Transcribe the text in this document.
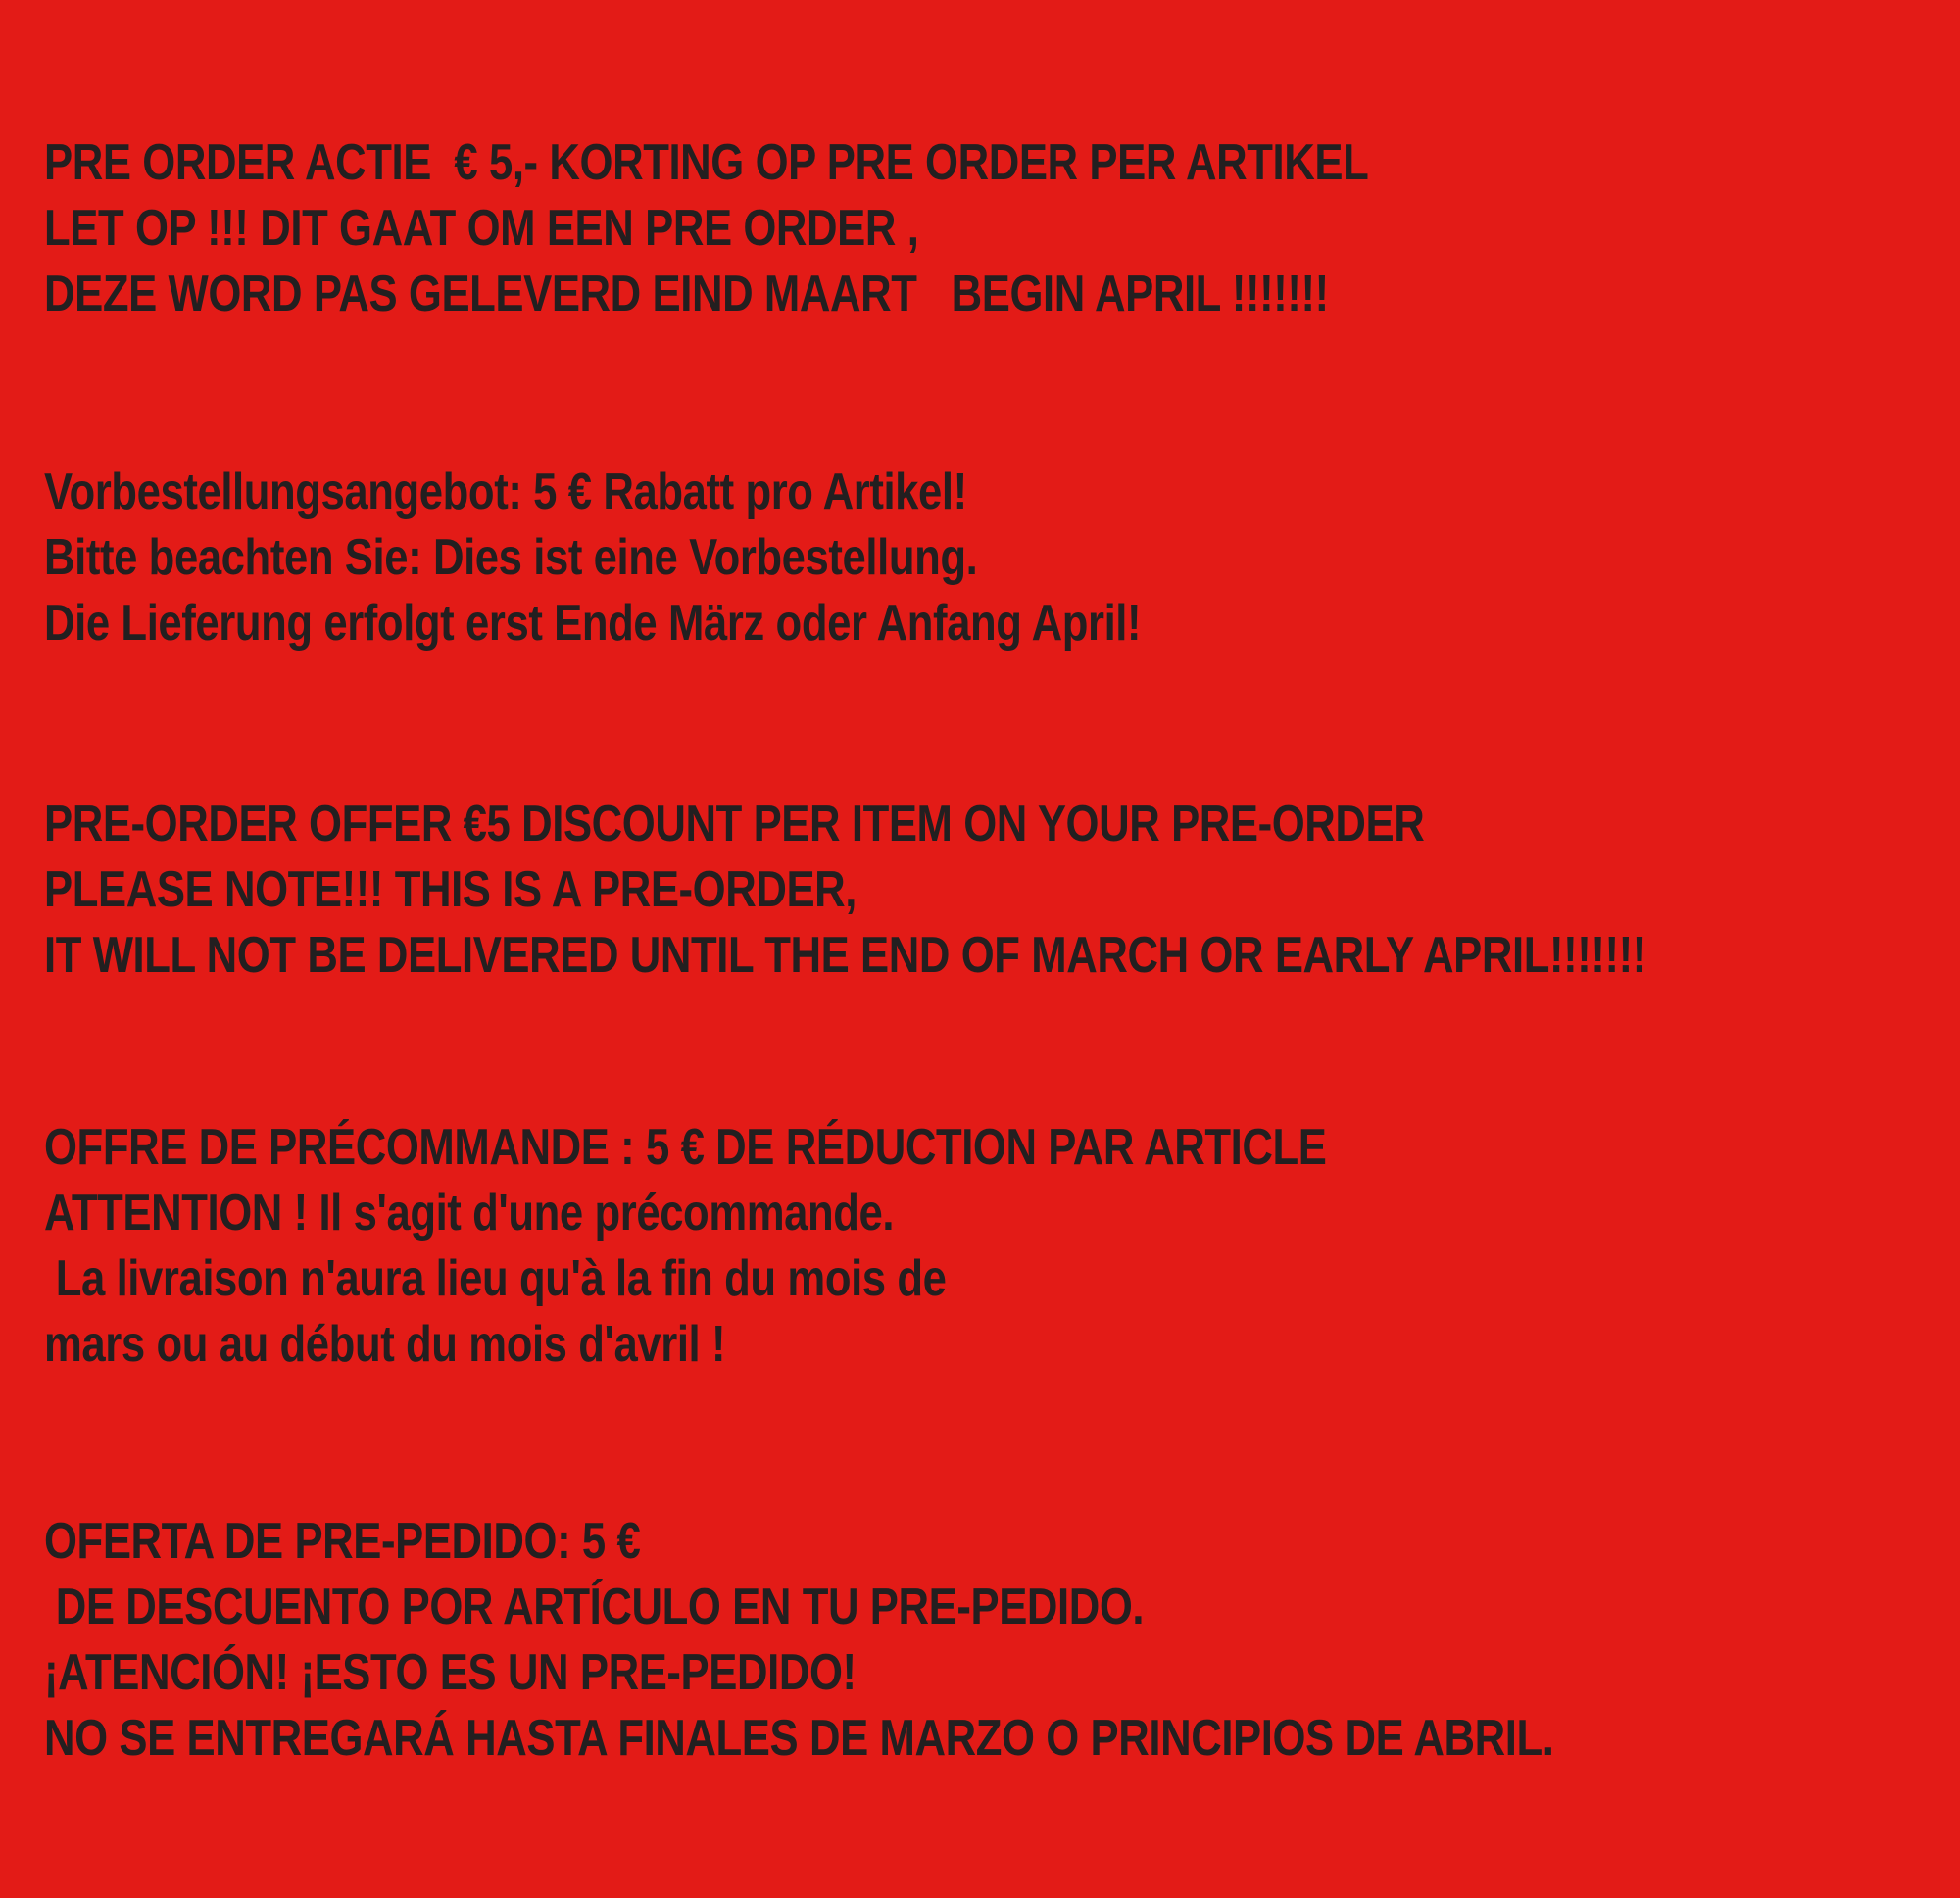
PRE ORDER ACTIE  € 5,- KORTING OP PRE ORDER PER ARTIKEL
LET OP !!! DIT GAAT OM EEN PRE ORDER ,
DEZE WORD PAS GELEVERD EIND MAART   BEGIN APRIL !!!!!!!
Vorbestellungsangebot: 5 € Rabatt pro Artikel!
Bitte beachten Sie: Dies ist eine Vorbestellung.
Die Lieferung erfolgt erst Ende März oder Anfang April!
PRE-ORDER OFFER €5 DISCOUNT PER ITEM ON YOUR PRE-ORDER
PLEASE NOTE!!! THIS IS A PRE-ORDER,
IT WILL NOT BE DELIVERED UNTIL THE END OF MARCH OR EARLY APRIL!!!!!!!
OFFRE DE PRÉCOMMANDE : 5 € DE RÉDUCTION PAR ARTICLE
ATTENTION ! Il s'agit d'une précommande.
La livraison n'aura lieu qu'à la fin du mois de
mars ou au début du mois d'avril !
OFERTA DE PRE-PEDIDO: 5 €
DE DESCUENTO POR ARTÍCULO EN TU PRE-PEDIDO.
¡ATENCIÓN! ¡ESTO ES UN PRE-PEDIDO!
NO SE ENTREGARÁ HASTA FINALES DE MARZO O PRINCIPIOS DE ABRIL.
